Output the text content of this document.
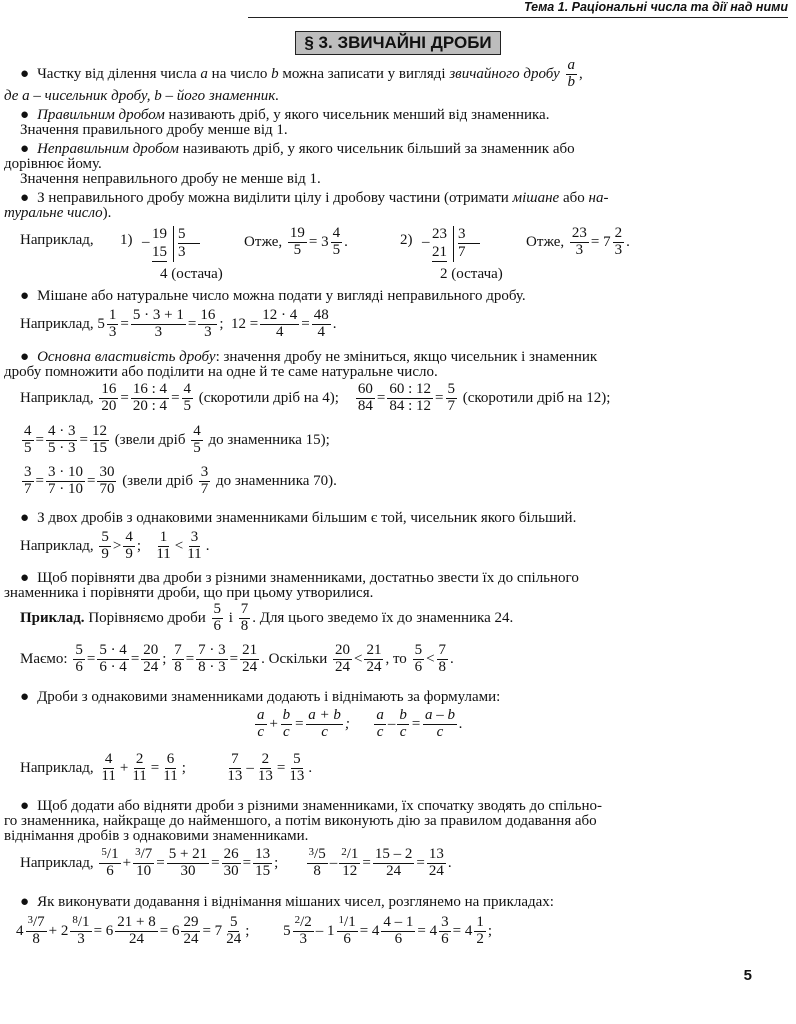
Тема 1. Раціональні числа та дії над ними
§ 3. ЗВИЧАЙНІ ДРОБИ
● Частку від ділення числа
a
на число
b
можна записати у вигляді
звичайного дробу

a
b ,
де a – чисельник дробу, b – його знаменник.
● Правильним дробом називають дріб, у якого чисельник менший від знаменника.
Значення правильного дробу менше від 1.
● Неправильним дробом називають дріб, у якого чисельник більший за знаменник або
дорівнює йому.
Значення неправильного дробу не менше від 1.
● З неправильного дробу можна виділити цілу і дробову частини (отримати мішане або на-
туральне число).
Наприклад, 1) – 19
15
5
3
4 (остача)
Отже,

19
5 = 3
4
5 .	2) – 23
21
3
7
2 (остача)
Отже,

23
3 = 7
2
3 .
● Мішане або натуральне число можна подати у вигляді неправильного дробу.
Наприклад, 5
1
3 =
5 · 3 + 1
3 =
16
3 ;  12 =
12 · 4
4 =
48
4 .
● Основна властивість дробу: значення дробу не зміниться, якщо чисельник і знаменник
дробу помножити або поділити на одне й те саме натуральне число.
Наприклад,

16
20 =
16 : 4
20 : 4 =
4
5
(скоротили дріб на 4);

60
84 =
60 : 12
84 : 12 =
5
7
(скоротили дріб на 12);
4
5 =
4 · 3
5 · 3 =
12
15
(звели дріб

4
5
до знаменника 15);
3
7 =
3 · 10
7 · 10 =
30
70
(звели дріб

3
7
до знаменника 70).
● З двох дробів з однаковими знаменниками більшим є той, чисельник якого більший.
Наприклад,

5
9 >
4
9 ;
1
11 <
3
11 .
● Щоб порівняти два дроби з різними знаменниками, достатньо звести їх до спільного
знаменника і порівняти дроби, що при цьому утворилися.
Приклад.
Порівняємо дроби

5
6
і

7
8 . Для цього зведемо їх до знаменника 24.
Маємо:

5
6 =
5 · 4
6 · 4 =
20
24 ;
7
8 =
7 · 3
8 · 3 =
21
24 . Оскільки

20
24 <
21
24 , то

5
6 <
7
8 .
● Дроби з однаковими знаменниками додають і віднімають за формулами:
a
c +
b
c =
a + b
c ;
a
c –
b
c =
a – b
c .
Наприклад,

4
11 +
2
11 =
6
11 ;
7
13 –
2
13 =
5
13 .
● Щоб додати або відняти дроби з різними знаменниками, їх спочатку зводять до спільно-
го знаменника, найкраще до найменшого, а потім виконують дію за правилом додавання або
віднімання дробів з однаковими знаменниками.
Наприклад,

$^5$/1
6 +
$^3$/7
10 =
5 + 21
30 =
26
30 =
13
15 ;
$^3$/5
8 –
$^2$/1
12 =
15 – 2
24 =
13
24 .
● Як виконувати додавання і віднімання мішаних чисел, розглянемо на прикладах:
4
$^3$/7
8 + 2
$^8$/1
3 = 6
21 + 8
24 = 6
29
24 = 7
5
24 ;         5
$^2$/2
3 – 1
$^1$/1
6 = 4
4 – 1
6 = 4
3
6 = 4
1
2 ;
5
